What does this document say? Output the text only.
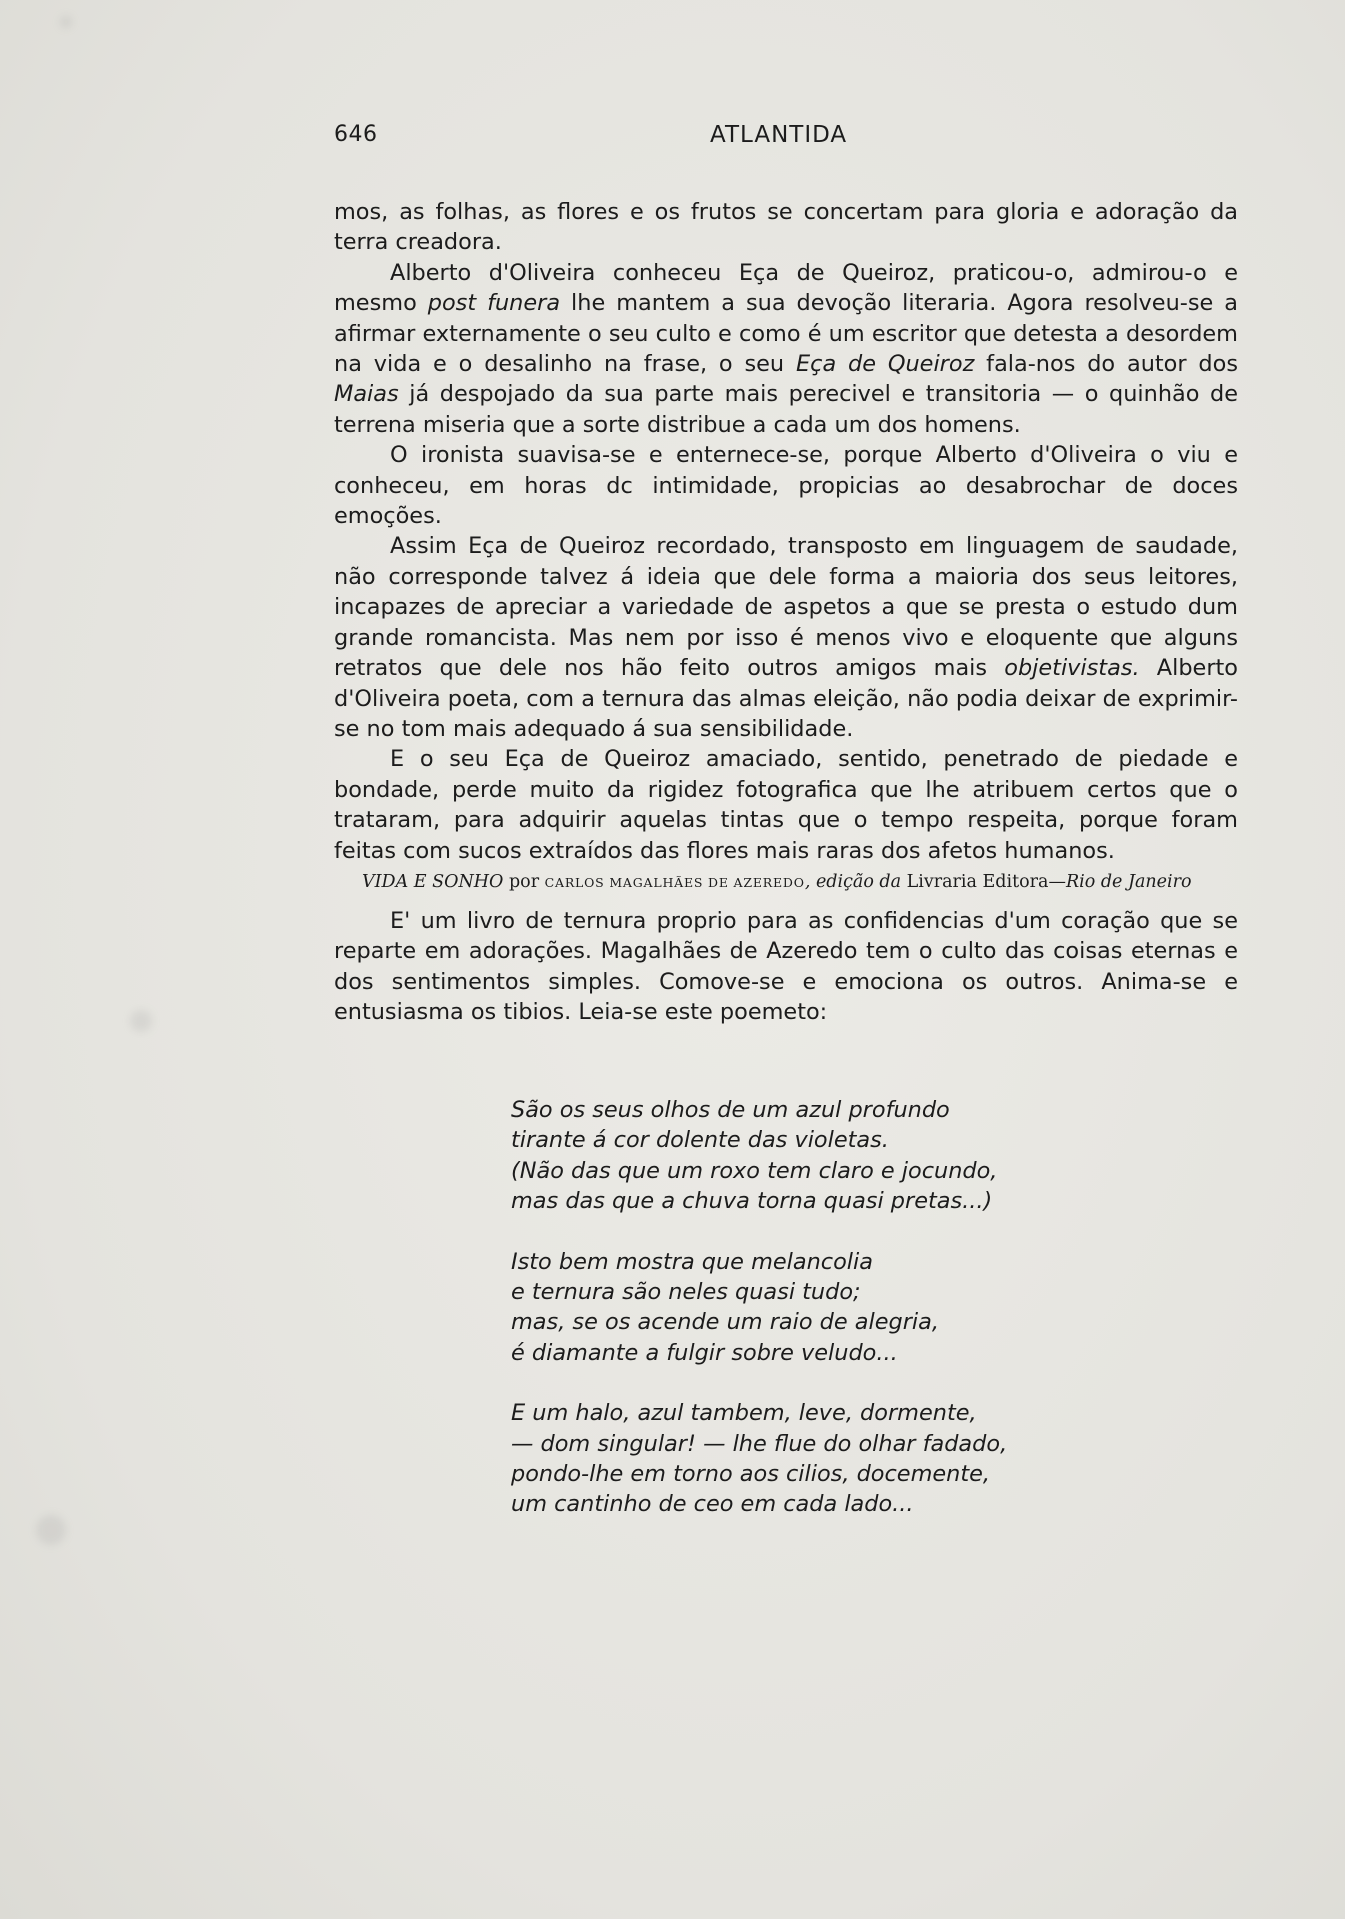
646	ATLANTIDA

mos, as folhas, as flores e os frutos se concertam para gloria e adoração da terra creadora.

Alberto d'Oliveira conheceu Eça de Queiroz, praticou-o, admirou-o e mesmo post funera lhe mantem a sua devoção literaria. Agora resolveu-se a afirmar externamente o seu culto e como é um escritor que detesta a desordem na vida e o desalinho na frase, o seu Eça de Queiroz fala-nos do autor dos Maias já despojado da sua parte mais perecivel e transitoria — o quinhão de terrena miseria que a sorte distribue a cada um dos homens.

O ironista suavisa-se e enternece-se, porque Alberto d'Oliveira o viu e conheceu, em horas dc intimidade, propicias ao desabrochar de doces emoções.

Assim Eça de Queiroz recordado, transposto em linguagem de saudade, não corresponde talvez á ideia que dele forma a maioria dos seus leitores, incapazes de apreciar a variedade de aspetos a que se presta o estudo dum grande romancista. Mas nem por isso é menos vivo e eloquente que alguns retratos que dele nos hão feito outros amigos mais objetivistas. Alberto d'Oliveira poeta, com a ternura das almas eleição, não podia deixar de exprimir-se no tom mais adequado á sua sensibilidade.

E o seu Eça de Queiroz amaciado, sentido, penetrado de piedade e bondade, perde muito da rigidez fotografica que lhe atribuem certos que o trataram, para adquirir aquelas tintas que o tempo respeita, porque foram feitas com sucos extraídos das flores mais raras dos afetos humanos.

VIDA E SONHO por CARLOS MAGALHÃES DE AZEREDO, edição da Livraria Editora—Rio de Janeiro

E' um livro de ternura proprio para as confidencias d'um coração que se reparte em adorações. Magalhães de Azeredo tem o culto das coisas eternas e dos sentimentos simples. Comove-se e emociona os outros. Anima-se e entusiasma os tibios. Leia-se este poemeto:

São os seus olhos de um azul profundo
tirante á cor dolente das violetas.
(Não das que um roxo tem claro e jocundo,
mas das que a chuva torna quasi pretas...)
Isto bem mostra que melancolia
e ternura são neles quasi tudo;
mas, se os acende um raio de alegria,
é diamante a fulgir sobre veludo...
E um halo, azul tambem, leve, dormente,
— dom singular! — lhe flue do olhar fadado,
pondo-lhe em torno aos cilios, docemente,
um cantinho de ceo em cada lado...
